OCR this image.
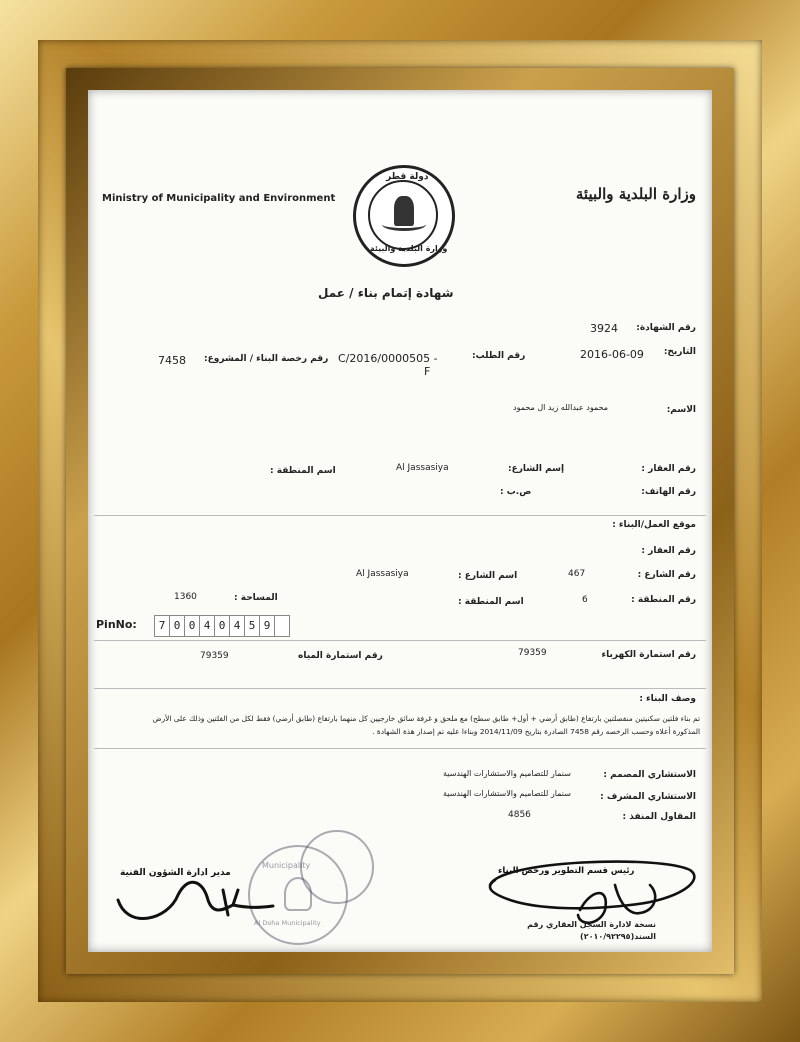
Ministry of Municipality and Environment	وزارة البلدية والبيئة
دولة قطر
وزارة البلدية والبيئة
شهادة إتمام بناء / عمل
رقم الشهادة:
3924
التاريخ:
2016-06-09
رقم الطلب:
C/2016/0000505 -
F
رقم رخصة البناء / المشروع:
7458
الاسم:
محمود عبدالله زيد ال محمود
رقم العقار :
إسم الشارع:
Al Jassasiya
اسم المنطقة :
رقم الهاتف:
ص.ب :
موقع العمل/البناء :
رقم العقار :
رقم الشارع :
467
اسم الشارع :
Al Jassasiya
رقم المنطقة :
6
اسم المنطقة :
1360	المساحة :
PinNo:	7 0 0 4 0 4 5 9
رقم استمارة الكهرباء
79359
رقم استمارة المياه
79359
وصف البناء :
تم بناء فلتين سكنيتين منفصلتين بارتفاع (طابق أرضي + أول+ طابق سطح) مع ملحق و غرفة سائق خارجيين كل منهما بارتفاع (طابق أرضي) فقط لكل من الفلتين وذلك على الأرض
المذكورة أعلاه وحسب الرخصه رقم 7458 الصادرة بتاريخ 2014/11/09 وبناءا عليه تم إصدار هذة الشهادة .
الاستشاري المصمم :
سنمار للتصاميم والاستشارات الهندسية
الاستشاري المشرف :
سنمار للتصاميم والاستشارات الهندسية
المقاول المنفذ :
4856
Municipality
Al Doha Municipality
مدير ادارة الشؤون الفنية	رئيس قسم التطوير ورخص البناء
نسخة لادارة السجل العقاري رقم
السند(٢٠١٠/٩٢٢٩٥)
